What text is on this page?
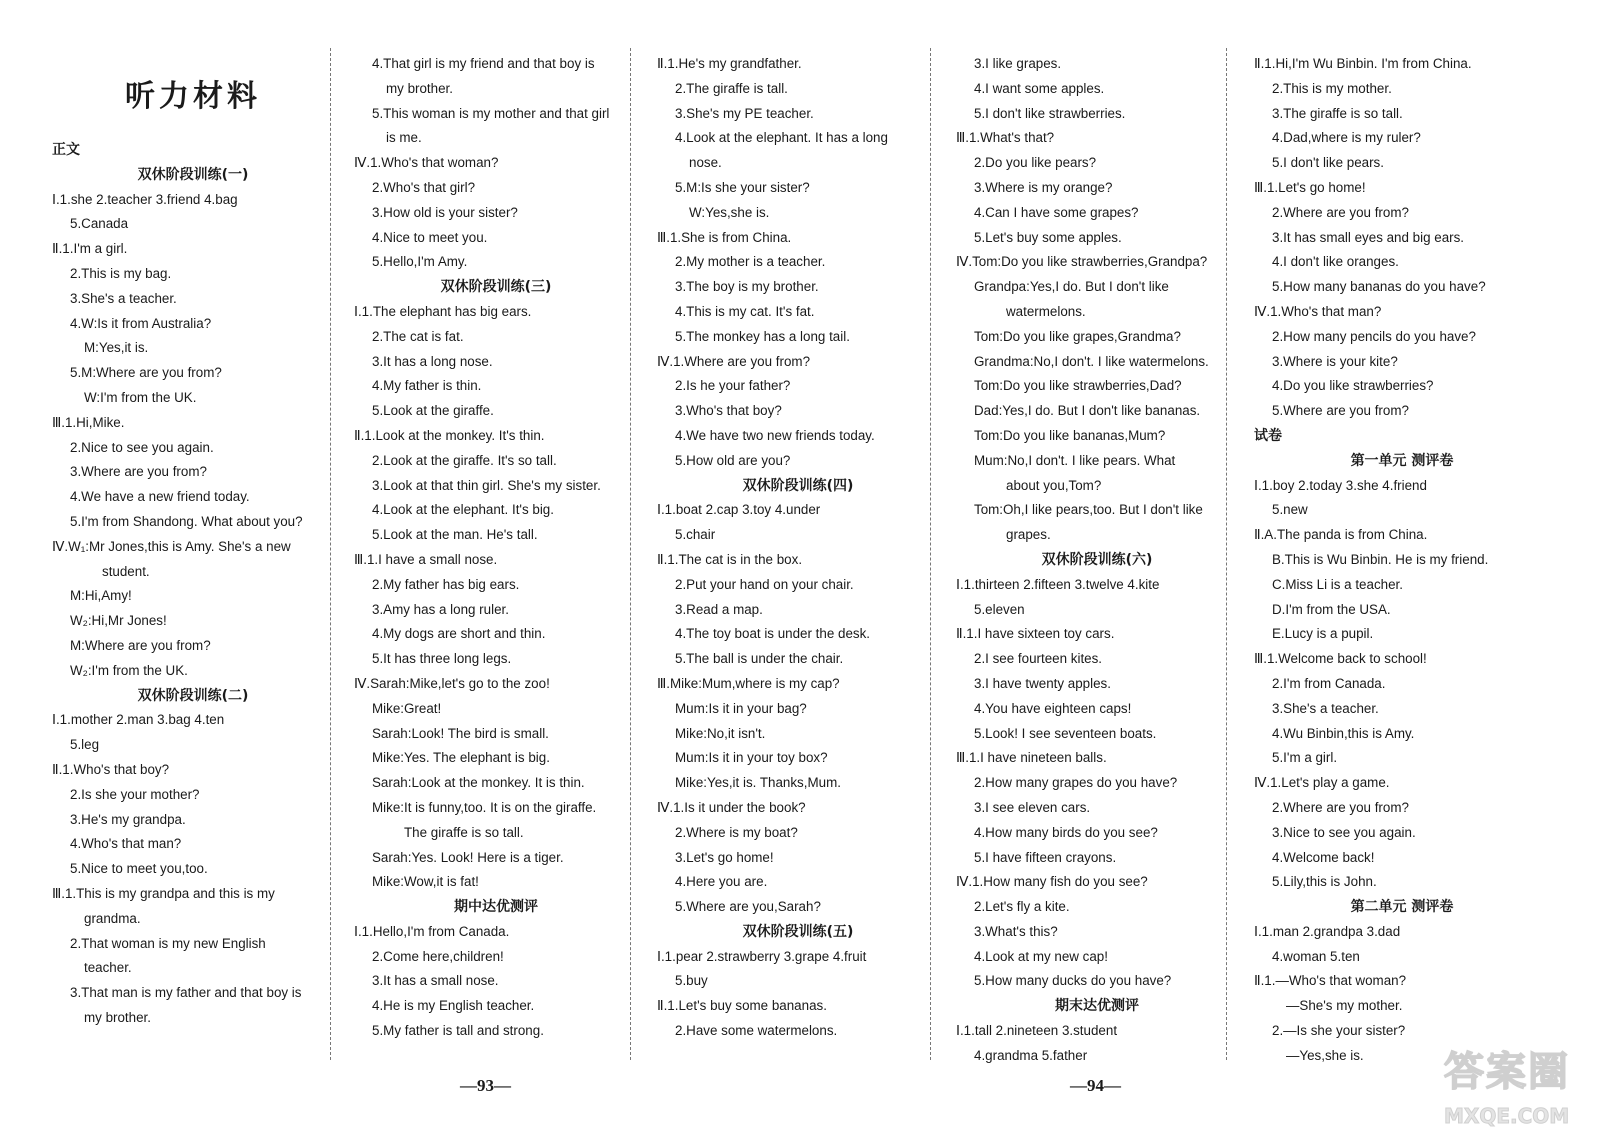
听力材料
正文
双休阶段训练(一)
Ⅰ.1.she 2.teacher 3.friend 4.bag
5.Canada
Ⅱ.1.I'm a girl.
2.This is my bag.
3.She's a teacher.
4.W:Is it from Australia?
M:Yes,it is.
5.M:Where are you from?
W:I'm from the UK.
Ⅲ.1.Hi,Mike.
2.Nice to see you again.
3.Where are you from?
4.We have a new friend today.
5.I'm from Shandong. What about you?
Ⅳ.W₁:Mr Jones,this is Amy. She's a new
student.
M:Hi,Amy!
W₂:Hi,Mr Jones!
M:Where are you from?
W₂:I'm from the UK.
双休阶段训练(二)
Ⅰ.1.mother 2.man 3.bag 4.ten
5.leg
Ⅱ.1.Who's that boy?
2.Is she your mother?
3.He's my grandpa.
4.Who's that man?
5.Nice to meet you,too.
Ⅲ.1.This is my grandpa and this is my
grandma.
2.That woman is my new English
teacher.
3.That man is my father and that boy is
my brother.
4.That girl is my friend and that boy is
my brother.
5.This woman is my mother and that girl
is me.
Ⅳ.1.Who's that woman?
2.Who's that girl?
3.How old is your sister?
4.Nice to meet you.
5.Hello,I'm Amy.
双休阶段训练(三)
Ⅰ.1.The elephant has big ears.
2.The cat is fat.
3.It has a long nose.
4.My father is thin.
5.Look at the giraffe.
Ⅱ.1.Look at the monkey. It's thin.
2.Look at the giraffe. It's so tall.
3.Look at that thin girl. She's my sister.
4.Look at the elephant. It's big.
5.Look at the man. He's tall.
Ⅲ.1.I have a small nose.
2.My father has big ears.
3.Amy has a long ruler.
4.My dogs are short and thin.
5.It has three long legs.
Ⅳ.Sarah:Mike,let's go to the zoo!
Mike:Great!
Sarah:Look! The bird is small.
Mike:Yes. The elephant is big.
Sarah:Look at the monkey. It is thin.
Mike:It is funny,too. It is on the giraffe.
The giraffe is so tall.
Sarah:Yes. Look! Here is a tiger.
Mike:Wow,it is fat!
期中达优测评
Ⅰ.1.Hello,I'm from Canada.
2.Come here,children!
3.It has a small nose.
4.He is my English teacher.
5.My father is tall and strong.
Ⅱ.1.He's my grandfather.
2.The giraffe is tall.
3.She's my PE teacher.
4.Look at the elephant. It has a long
nose.
5.M:Is she your sister?
W:Yes,she is.
Ⅲ.1.She is from China.
2.My mother is a teacher.
3.The boy is my brother.
4.This is my cat. It's fat.
5.The monkey has a long tail.
Ⅳ.1.Where are you from?
2.Is he your father?
3.Who's that boy?
4.We have two new friends today.
5.How old are you?
双休阶段训练(四)
Ⅰ.1.boat 2.cap 3.toy 4.under
5.chair
Ⅱ.1.The cat is in the box.
2.Put your hand on your chair.
3.Read a map.
4.The toy boat is under the desk.
5.The ball is under the chair.
Ⅲ.Mike:Mum,where is my cap?
Mum:Is it in your bag?
Mike:No,it isn't.
Mum:Is it in your toy box?
Mike:Yes,it is. Thanks,Mum.
Ⅳ.1.Is it under the book?
2.Where is my boat?
3.Let's go home!
4.Here you are.
5.Where are you,Sarah?
双休阶段训练(五)
Ⅰ.1.pear 2.strawberry 3.grape 4.fruit
5.buy
Ⅱ.1.Let's buy some bananas.
2.Have some watermelons.
3.I like grapes.
4.I want some apples.
5.I don't like strawberries.
Ⅲ.1.What's that?
2.Do you like pears?
3.Where is my orange?
4.Can I have some grapes?
5.Let's buy some apples.
Ⅳ.Tom:Do you like strawberries,Grandpa?
Grandpa:Yes,I do. But I don't like
watermelons.
Tom:Do you like grapes,Grandma?
Grandma:No,I don't. I like watermelons.
Tom:Do you like strawberries,Dad?
Dad:Yes,I do. But I don't like bananas.
Tom:Do you like bananas,Mum?
Mum:No,I don't. I like pears. What
about you,Tom?
Tom:Oh,I like pears,too. But I don't like
grapes.
双休阶段训练(六)
Ⅰ.1.thirteen 2.fifteen 3.twelve 4.kite
5.eleven
Ⅱ.1.I have sixteen toy cars.
2.I see fourteen kites.
3.I have twenty apples.
4.You have eighteen caps!
5.Look! I see seventeen boats.
Ⅲ.1.I have nineteen balls.
2.How many grapes do you have?
3.I see eleven cars.
4.How many birds do you see?
5.I have fifteen crayons.
Ⅳ.1.How many fish do you see?
2.Let's fly a kite.
3.What's this?
4.Look at my new cap!
5.How many ducks do you have?
期末达优测评
Ⅰ.1.tall 2.nineteen 3.student
4.grandma 5.father
Ⅱ.1.Hi,I'm Wu Binbin. I'm from China.
2.This is my mother.
3.The giraffe is so tall.
4.Dad,where is my ruler?
5.I don't like pears.
Ⅲ.1.Let's go home!
2.Where are you from?
3.It has small eyes and big ears.
4.I don't like oranges.
5.How many bananas do you have?
Ⅳ.1.Who's that man?
2.How many pencils do you have?
3.Where is your kite?
4.Do you like strawberries?
5.Where are you from?
试卷
第一单元 测评卷
Ⅰ.1.boy 2.today 3.she 4.friend
5.new
Ⅱ.A.The panda is from China.
B.This is Wu Binbin. He is my friend.
C.Miss Li is a teacher.
D.I'm from the USA.
E.Lucy is a pupil.
Ⅲ.1.Welcome back to school!
2.I'm from Canada.
3.She's a teacher.
4.Wu Binbin,this is Amy.
5.I'm a girl.
Ⅳ.1.Let's play a game.
2.Where are you from?
3.Nice to see you again.
4.Welcome back!
5.Lily,this is John.
第二单元 测评卷
Ⅰ.1.man 2.grandpa 3.dad
4.woman 5.ten
Ⅱ.1.—Who's that woman?
—She's my mother.
2.—Is she your sister?
—Yes,she is.
—93—	—94—	答案圈
MXQE.COM
